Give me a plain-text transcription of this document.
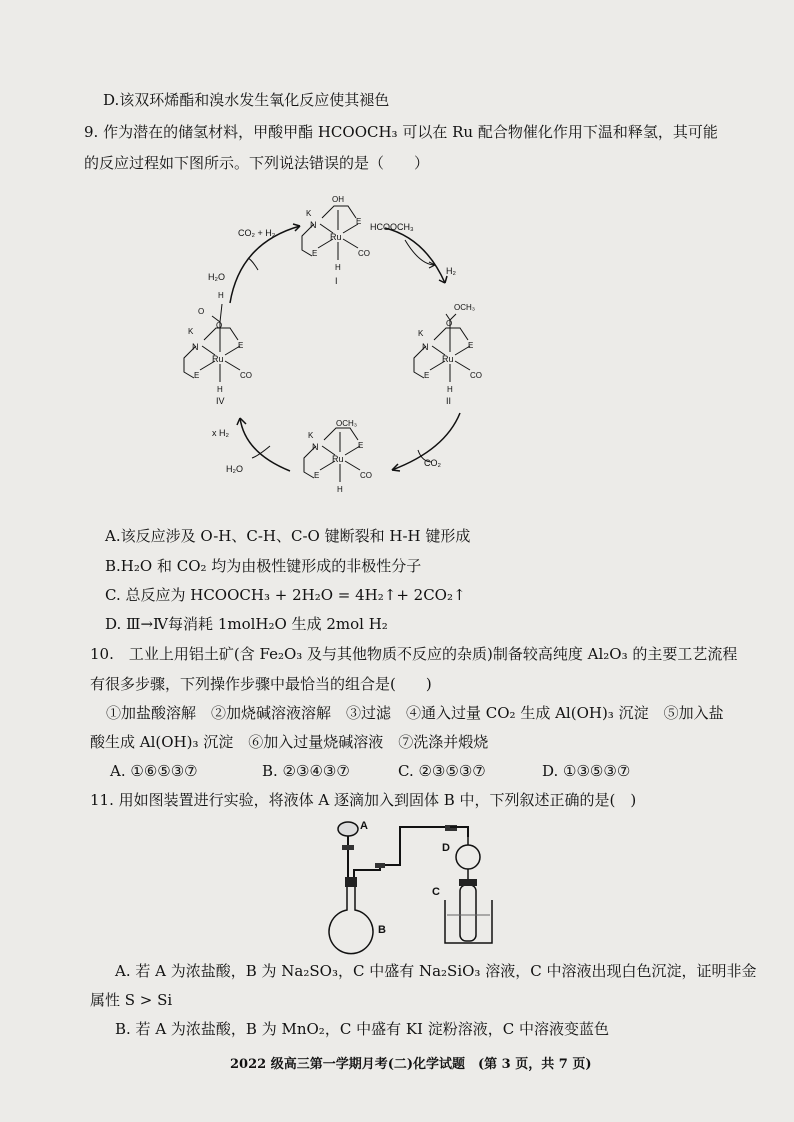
D.该双环烯酯和溴水发生氧化反应使其褪色
9. 作为潜在的储氢材料，甲酸甲酯 HCOOCH₃ 可以在 Ru 配合物催化作用下温和释氢，其可能
的反应过程如下图所示。下列说法错误的是（　　）
Ru
N
K
OH
E
E	CO
H
I
Ru
N
K
O
OCH₃
E
E	CO
H
II
Ru
N
K
OCH₃
E
E	CO
H
Ru
N
K
O
O
H
E
E	CO
H
IV
HCOOCH₃
H₂
CO₂
x H₂
H₂O
H₂O
CO₂ + H₂
A.该反应涉及 O-H、C-H、C-O 键断裂和 H-H 键形成
B.H₂O 和 CO₂ 均为由极性键形成的非极性分子
C. 总反应为 HCOOCH₃ + 2H₂O = 4H₂↑+ 2CO₂↑
D. Ⅲ→Ⅳ每消耗 1molH₂O 生成 2mol H₂
10.　工业上用铝土矿(含 Fe₂O₃ 及与其他物质不反应的杂质)制备较高纯度 Al₂O₃ 的主要工艺流程
有很多步骤，下列操作步骤中最恰当的组合是(　　)
①加盐酸溶解　②加烧碱溶液溶解　③过滤　④通入过量 CO₂ 生成 Al(OH)₃ 沉淀　⑤加入盐
酸生成 Al(OH)₃ 沉淀　⑥加入过量烧碱溶液　⑦洗涤并煅烧
A. ①⑥⑤③⑦	B. ②③④③⑦	C. ②③⑤③⑦	D. ①③⑤③⑦
11. 用如图装置进行实验，将液体 A 逐滴加入到固体 B 中，下列叙述正确的是(　)
A
B
C
D
A. 若 A 为浓盐酸，B 为 Na₂SO₃，C 中盛有 Na₂SiO₃ 溶液，C 中溶液出现白色沉淀，证明非金
属性 S > Si
B. 若 A 为浓盐酸，B 为 MnO₂，C 中盛有 KI 淀粉溶液，C 中溶液变蓝色
2022 级高三第一学期月考(二)化学试题　(第 3 页，共 7 页)
